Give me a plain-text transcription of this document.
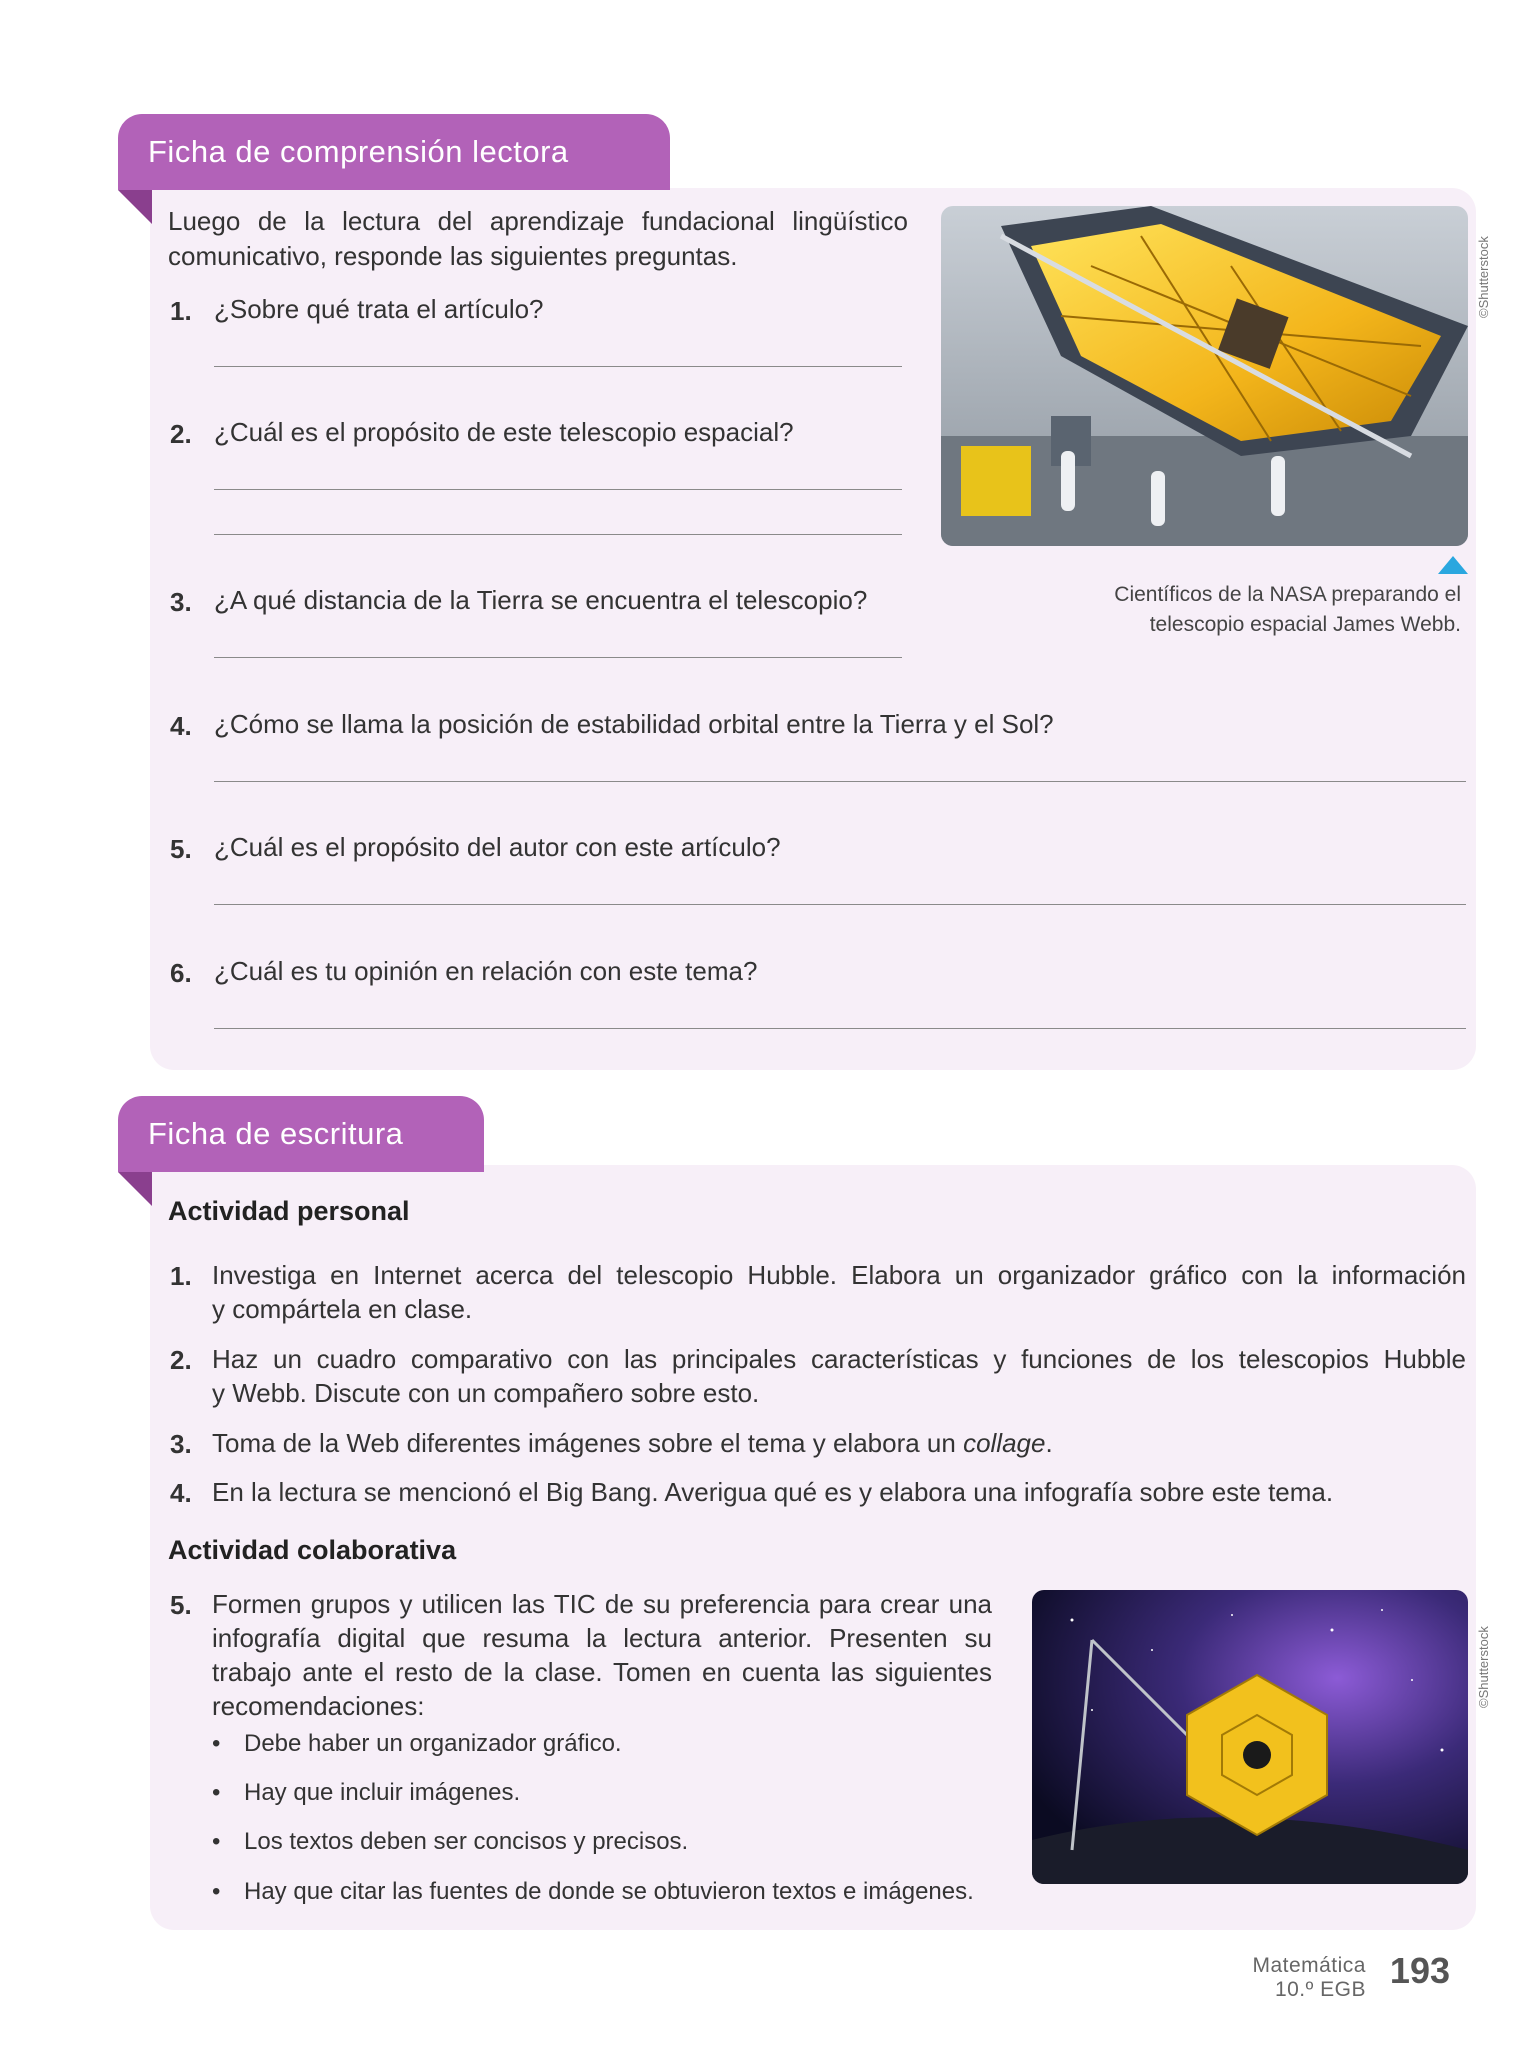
Ficha de comprensión lectora
Luego de la lectura del aprendizaje fundacional lingüístico
comunicativo, responde las siguientes preguntas.
1. ¿Sobre qué trata el artículo?
2. ¿Cuál es el propósito de este telescopio espacial?
3. ¿A qué distancia de la Tierra se encuentra el telescopio?
4. ¿Cómo se llama la posición de estabilidad orbital entre la Tierra y el Sol?
5. ¿Cuál es el propósito del autor con este artículo?
6. ¿Cuál es tu opinión en relación con este tema?
©Shutterstock
Científicos de la NASA preparando el
telescopio espacial James Webb.
Ficha de escritura
Actividad personal
1. Investiga en Internet acerca del telescopio Hubble. Elabora un organizador gráfico con la información
y compártela en clase.
2. Haz un cuadro comparativo con las principales características y funciones de los telescopios Hubble
y Webb. Discute con un compañero sobre esto.
3. Toma de la Web diferentes imágenes sobre el tema y elabora un collage.
4. En la lectura se mencionó el Big Bang. Averigua qué es y elabora una infografía sobre este tema.
Actividad colaborativa
5. Formen grupos y utilicen las TIC de su preferencia para crear una
infografía digital que resuma la lectura anterior. Presenten su
trabajo ante el resto de la clase. Tomen en cuenta las siguientes
recomendaciones:
• Debe haber un organizador gráfico.
• Hay que incluir imágenes.
• Los textos deben ser concisos y precisos.
• Hay que citar las fuentes de donde se obtuvieron textos e imágenes.
©Shutterstock
Matemática
10.º EGB 193
